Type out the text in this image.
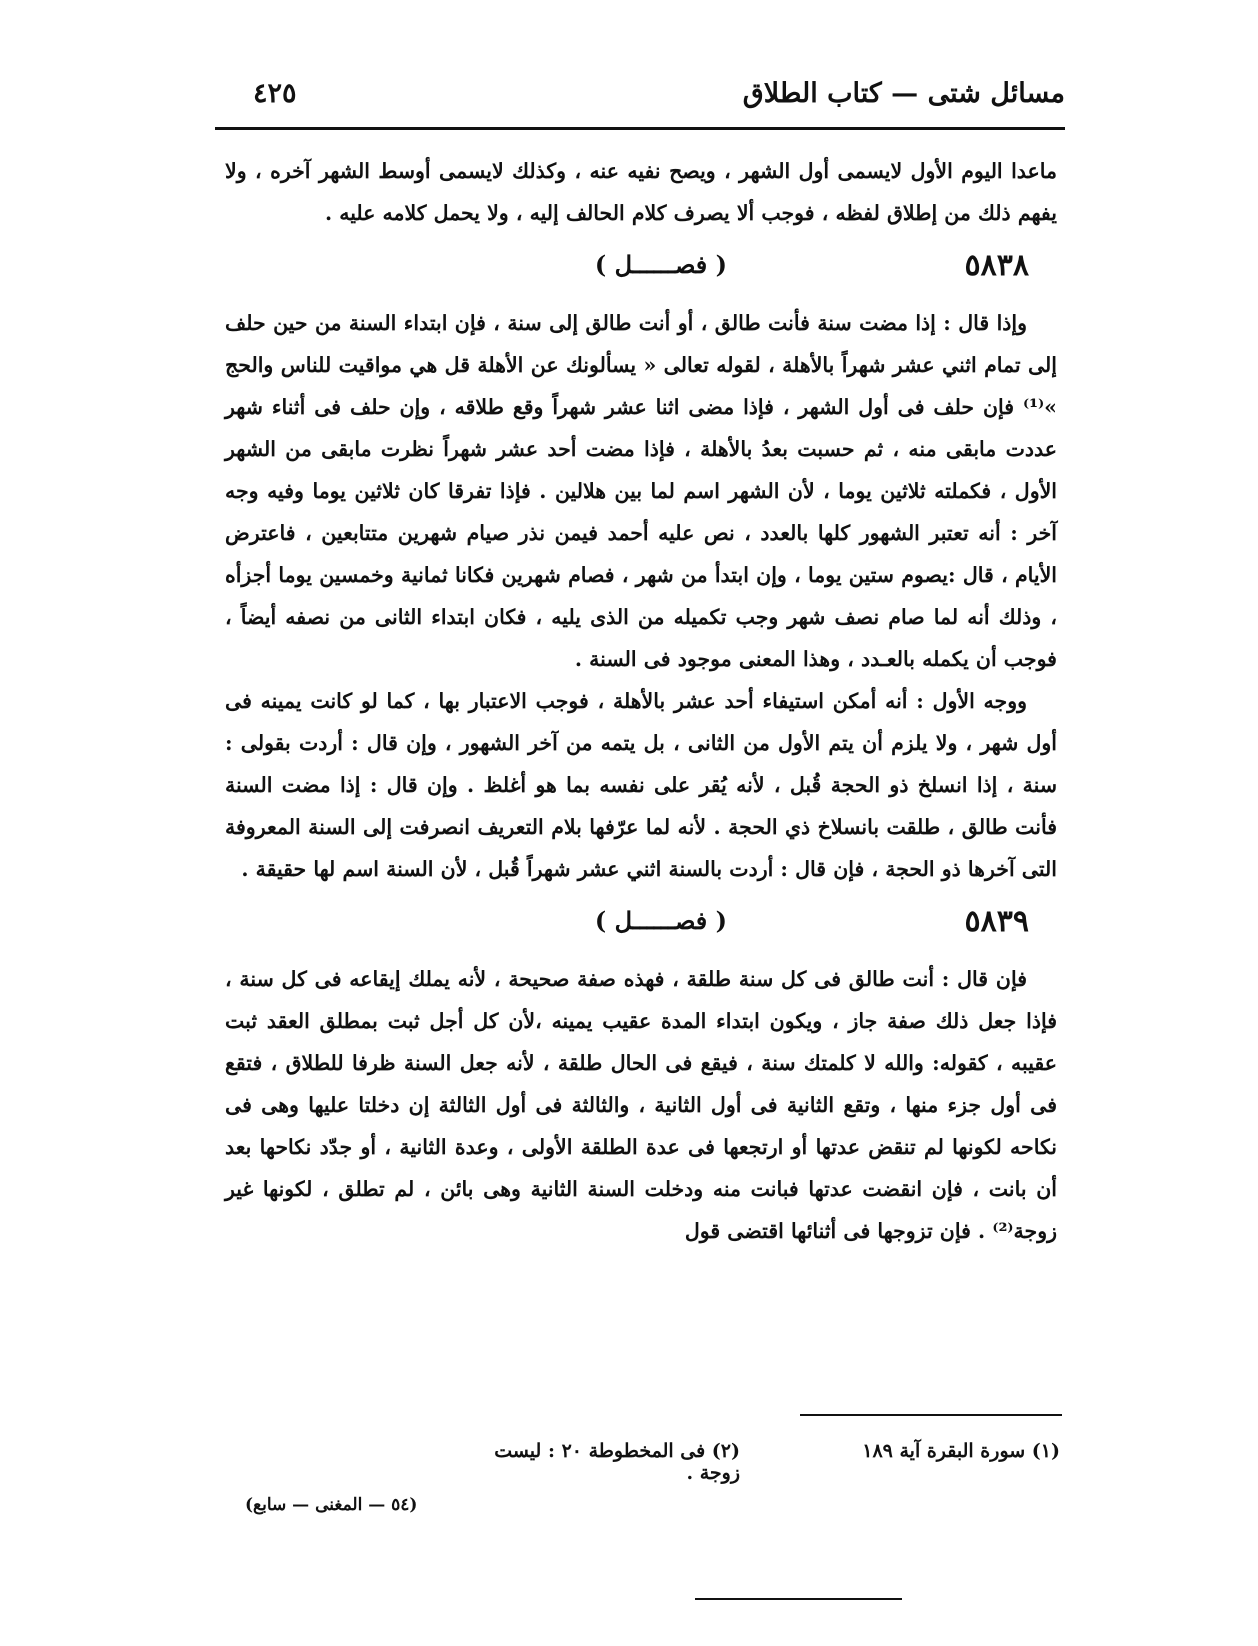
مسائل شتى — كتاب الطلاق
٤٢٥

ماعدا اليوم الأول لايسمى أول الشهر ، ويصح نفيه عنه ، وكذلك لايسمى أوسط الشهر آخره ، ولا يفهم ذلك من إطلاق لفظه ، فوجب ألا يصرف كلام الحالف إليه ، ولا يحمل كلامه عليه .

٥٨٣٨
( فصــــــل )

وإذا قال : إذا مضت سنة فأنت طالق ، أو أنت طالق إلى سنة ، فإن ابتداء السنة من حين حلف إلى تمام اثني عشر شهراً بالأهلة ، لقوله تعالى « يسألونك عن الأهلة قل هي مواقيت للناس والحج »⁽¹⁾ فإن حلف فى أول الشهر ، فإذا مضى اثنا عشر شهراً وقع طلاقه ، وإن حلف فى أثناء شهر عددت مابقى منه ، ثم حسبت بعدُ بالأهلة ، فإذا مضت أحد عشر شهراً نظرت مابقى من الشهر الأول ، فكملته ثلاثين يوما ، لأن الشهر اسم لما بين هلالين . فإذا تفرقا كان ثلاثين يوما وفيه وجه آخر : أنه تعتبر الشهور كلها بالعدد ، نص عليه أحمد فيمن نذر صيام شهرين متتابعين ، فاعترض الأيام ، قال :يصوم ستين يوما ، وإن ابتدأ من شهر ، فصام شهرين فكانا ثمانية وخمسين يوما أجزأه ، وذلك أنه لما صام نصف شهر وجب تكميله من الذى يليه ، فكان ابتداء الثانى من نصفه أيضاً ، فوجب أن يكمله بالعـدد ، وهذا المعنى موجود فى السنة .

ووجه الأول : أنه أمكن استيفاء أحد عشر بالأهلة ، فوجب الاعتبار بها ، كما لو كانت يمينه فى أول شهر ، ولا يلزم أن يتم الأول من الثانى ، بل يتمه من آخر الشهور ، وإن قال : أردت بقولى : سنة ، إذا انسلخ ذو الحجة قُبل ، لأنه يُقر على نفسه بما هو أغلظ . وإن قال : إذا مضت السنة فأنت طالق ، طلقت بانسلاخ ذي الحجة . لأنه لما عرّفها بلام التعريف انصرفت إلى السنة المعروفة التى آخرها ذو الحجة ، فإن قال : أردت بالسنة اثني عشر شهراً قُبل ، لأن السنة اسم لها حقيقة .

٥٨٣٩
( فصــــــل )

فإن قال : أنت طالق فى كل سنة طلقة ، فهذه صفة صحيحة ، لأنه يملك إيقاعه فى كل سنة ، فإذا جعل ذلك صفة جاز ، ويكون ابتداء المدة عقيب يمينه ،لأن كل أجل ثبت بمطلق العقد ثبت عقيبه ، كقوله: والله لا كلمتك سنة ، فيقع فى الحال طلقة ، لأنه جعل السنة ظرفا للطلاق ، فتقع فى أول جزء منها ، وتقع الثانية فى أول الثانية ، والثالثة فى أول الثالثة إن دخلتا عليها وهى فى نكاحه لكونها لم تنقض عدتها أو ارتجعها فى عدة الطلقة الأولى ، وعدة الثانية ، أو جدّد نكاحها بعد أن بانت ، فإن انقضت عدتها فبانت منه ودخلت السنة الثانية وهى بائن ، لم تطلق ، لكونها غير زوجة⁽²⁾ . فإن تزوجها فى أثنائها اقتضى قول

(١) سورة البقرة آية ١٨٩
(٢) فى المخطوطة ٢٠ : ليست زوجة .
(٥٤ — المغنى — سابع)
